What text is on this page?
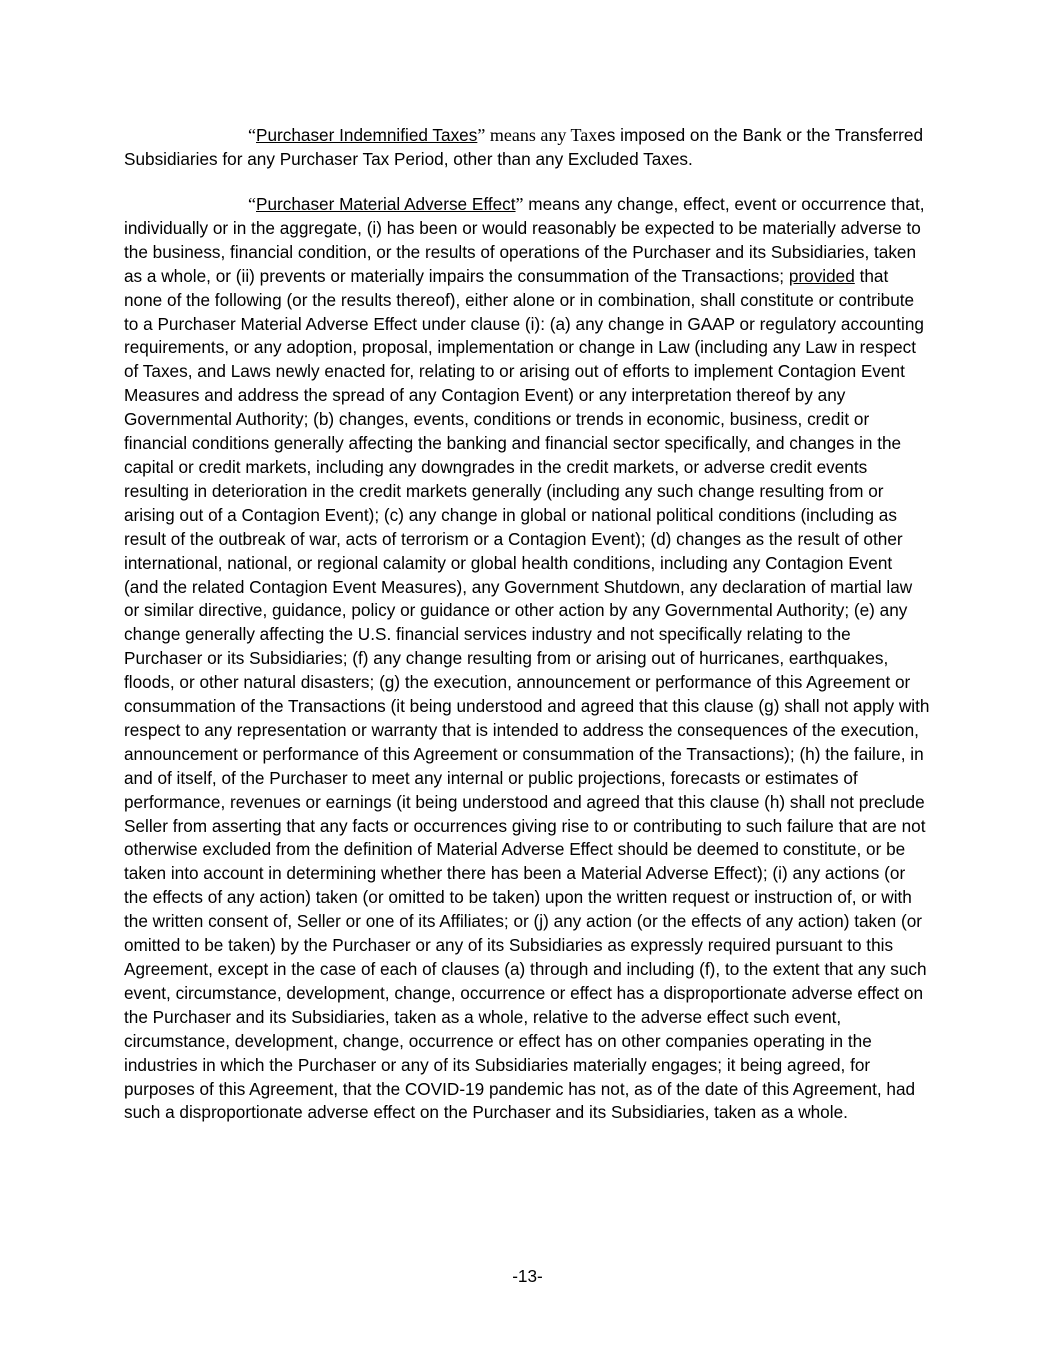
“Purchaser Indemnified Taxes” means any Taxes imposed on the Bank or the Transferred Subsidiaries for any Purchaser Tax Period, other than any Excluded Taxes.

“Purchaser Material Adverse Effect” means any change, effect, event or occurrence that, individually or in the aggregate, (i) has been or would reasonably be expected to be materially adverse to the business, financial condition, or the results of operations of the Purchaser and its Subsidiaries, taken as a whole, or (ii) prevents or materially impairs the consummation of the Transactions; provided that none of the following (or the results thereof), either alone or in combination, shall constitute or contribute to a Purchaser Material Adverse Effect under clause (i): (a) any change in GAAP or regulatory accounting requirements, or any adoption, proposal, implementation or change in Law (including any Law in respect of Taxes, and Laws newly enacted for, relating to or arising out of efforts to implement Contagion Event Measures and address the spread of any Contagion Event) or any interpretation thereof by any Governmental Authority; (b) changes, events, conditions or trends in economic, business, credit or financial conditions generally affecting the banking and financial sector specifically, and changes in the capital or credit markets, including any downgrades in the credit markets, or adverse credit events resulting in deterioration in the credit markets generally (including any such change resulting from or arising out of a Contagion Event); (c) any change in global or national political conditions (including as result of the outbreak of war, acts of terrorism or a Contagion Event); (d) changes as the result of other international, national, or regional calamity or global health conditions, including any Contagion Event (and the related Contagion Event Measures), any Government Shutdown, any declaration of martial law or similar directive, guidance, policy or guidance or other action by any Governmental Authority; (e) any change generally affecting the U.S. financial services industry and not specifically relating to the Purchaser or its Subsidiaries; (f) any change resulting from or arising out of hurricanes, earthquakes, floods, or other natural disasters; (g) the execution, announcement or performance of this Agreement or consummation of the Transactions (it being understood and agreed that this clause (g) shall not apply with respect to any representation or warranty that is intended to address the consequences of the execution, announcement or performance of this Agreement or consummation of the Transactions); (h) the failure, in and of itself, of the Purchaser to meet any internal or public projections, forecasts or estimates of performance, revenues or earnings (it being understood and agreed that this clause (h) shall not preclude Seller from asserting that any facts or occurrences giving rise to or contributing to such failure that are not otherwise excluded from the definition of Material Adverse Effect should be deemed to constitute, or be taken into account in determining whether there has been a Material Adverse Effect); (i) any actions (or the effects of any action) taken (or omitted to be taken) upon the written request or instruction of, or with the written consent of, Seller or one of its Affiliates; or (j) any action (or the effects of any action) taken (or omitted to be taken) by the Purchaser or any of its Subsidiaries as expressly required pursuant to this Agreement, except in the case of each of clauses (a) through and including (f), to the extent that any such event, circumstance, development, change, occurrence or effect has a disproportionate adverse effect on the Purchaser and its Subsidiaries, taken as a whole, relative to the adverse effect such event, circumstance, development, change, occurrence or effect has on other companies operating in the industries in which the Purchaser or any of its Subsidiaries materially engages; it being agreed, for purposes of this Agreement, that the COVID-19 pandemic has not, as of the date of this Agreement, had such a disproportionate adverse effect on the Purchaser and its Subsidiaries, taken as a whole.

-13-
